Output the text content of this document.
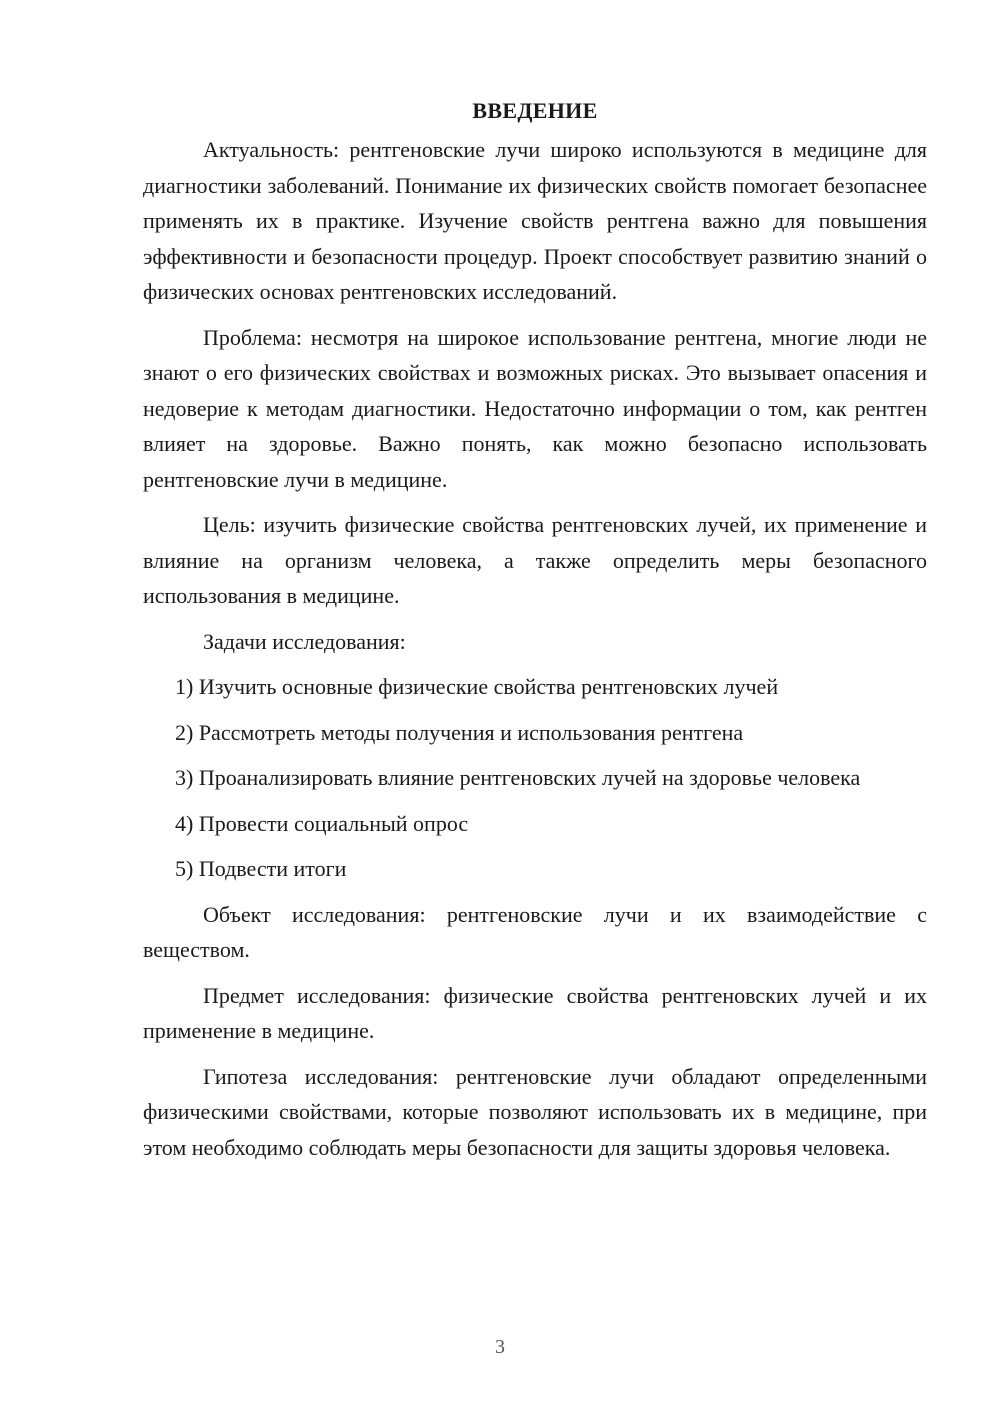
ВВЕДЕНИЕ

Актуальность: рентгеновские лучи широко используются в медицине для диагностики заболеваний. Понимание их физических свойств помогает безопаснее применять их в практике. Изучение свойств рентгена важно для повышения эффективности и безопасности процедур. Проект способствует развитию знаний о физических основах рентгеновских исследований.

Проблема: несмотря на широкое использование рентгена, многие люди не знают о его физических свойствах и возможных рисках. Это вызывает опасения и недоверие к методам диагностики. Недостаточно информации о том, как рентген влияет на здоровье. Важно понять, как можно безопасно использовать рентгеновские лучи в медицине.

Цель: изучить физические свойства рентгеновских лучей, их применение и влияние на организм человека, а также определить меры безопасного использования в медицине.

Задачи исследования:

1) Изучить основные физические свойства рентгеновских лучей

2) Рассмотреть методы получения и использования рентгена

3) Проанализировать влияние рентгеновских лучей на здоровье человека

4) Провести социальный опрос

5) Подвести итоги

Объект исследования: рентгеновские лучи и их взаимодействие с веществом.

Предмет исследования: физические свойства рентгеновских лучей и их применение в медицине.

Гипотеза исследования: рентгеновские лучи обладают определенными физическими свойствами, которые позволяют использовать их в медицине, при этом необходимо соблюдать меры безопасности для защиты здоровья человека.

3
